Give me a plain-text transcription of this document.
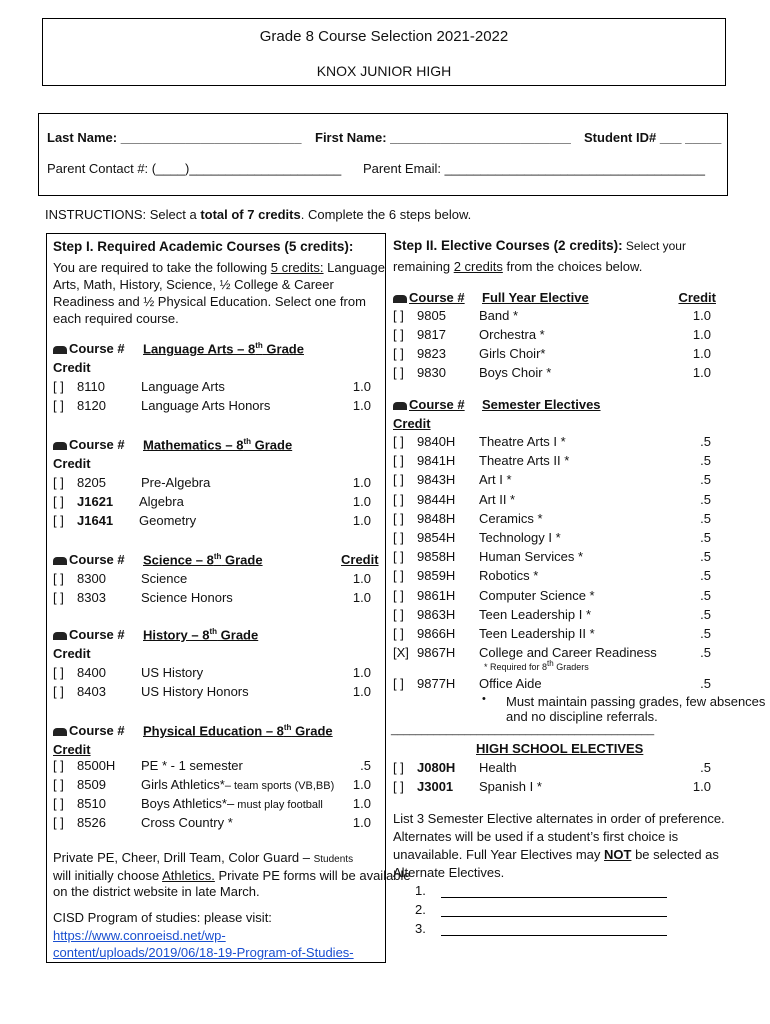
Grade 8 Course Selection 2021-2022
KNOX JUNIOR HIGH
Last Name: _________________________ First Name: _________________________ Student ID# ___ _____
Parent Contact #: (____)_____________________ Parent Email: ____________________________________
INSTRUCTIONS: Select a total of 7 credits. Complete the 6 steps below.
Step I. Required Academic Courses (5 credits):
You are required to take the following 5 credits: Language
Arts, Math, History, Science, ½ College & Career
Readiness and ½ Physical Education. Select one from
each required course.
Course # Language Arts – 8th Grade
Credit
[ ] 8110	Language Arts	1.0
[ ] 8120	Language Arts Honors	1.0
Course # Mathematics – 8th Grade
Credit
[ ] 8205	Pre-Algebra	1.0
[ ] J1621 Algebra	1.0
[ ] J1641 Geometry	1.0
Course # Science – 8th Grade	Credit
[ ] 8300	Science	1.0
[ ] 8303	Science Honors	1.0
Course # History – 8th Grade
Credit
[ ] 8400	US History	1.0
[ ] 8403	US History Honors	1.0
Course # Physical Education – 8th Grade
Credit
[ ] 8500H PE * - 1 semester	.5
[ ] 8509	Girls Athletics*– team sports (VB,BB) 1.0
[ ] 8510	Boys Athletics*– must play football 1.0
[ ] 8526	Cross Country *	1.0
Private PE, Cheer, Drill Team, Color Guard – Students
will initially choose Athletics. Private PE forms will be available
on the district website in late March.
CISD Program of studies: please visit:
https://www.conroeisd.net/wp-
content/uploads/2019/06/18-19-Program-of-Studies-
Step II. Elective Courses (2 credits): Select your
remaining 2 credits from the choices below.
Course # Full Year Elective	Credit
[ ] 9805	Band *	1.0
[ ] 9817	Orchestra *	1.0
[ ] 9823	Girls Choir*	1.0
[ ] 9830	Boys Choir *	1.0
Course # Semester Electives
Credit
[ ] 9840H Theatre Arts I *	.5
[ ] 9841H Theatre Arts II *	.5
[ ] 9843H Art I *	.5
[ ] 9844H Art II *	.5
[ ] 9848H Ceramics *	.5
[ ] 9854H Technology I *	.5
[ ] 9858H Human Services *	.5
[ ] 9859H Robotics *	.5
[ ] 9861H Computer Science *	.5
[ ] 9863H Teen Leadership I *	.5
[ ] 9866H Teen Leadership II *	.5
[X] 9867H College and Career Readiness	.5
* Required for 8th Graders
[ ] 9877H Office Aide	.5
• Must maintain passing grades, few absences
and no discipline referrals.
___________________________________________
HIGH SCHOOL ELECTIVES
[ ] J080H Health	.5
[ ] J3001 Spanish I *	1.0
List 3 Semester Elective alternates in order of preference.
Alternates will be used if a student’s first choice is
unavailable. Full Year Electives may NOT be selected as
Alternate Electives.
1.
2.
3.
